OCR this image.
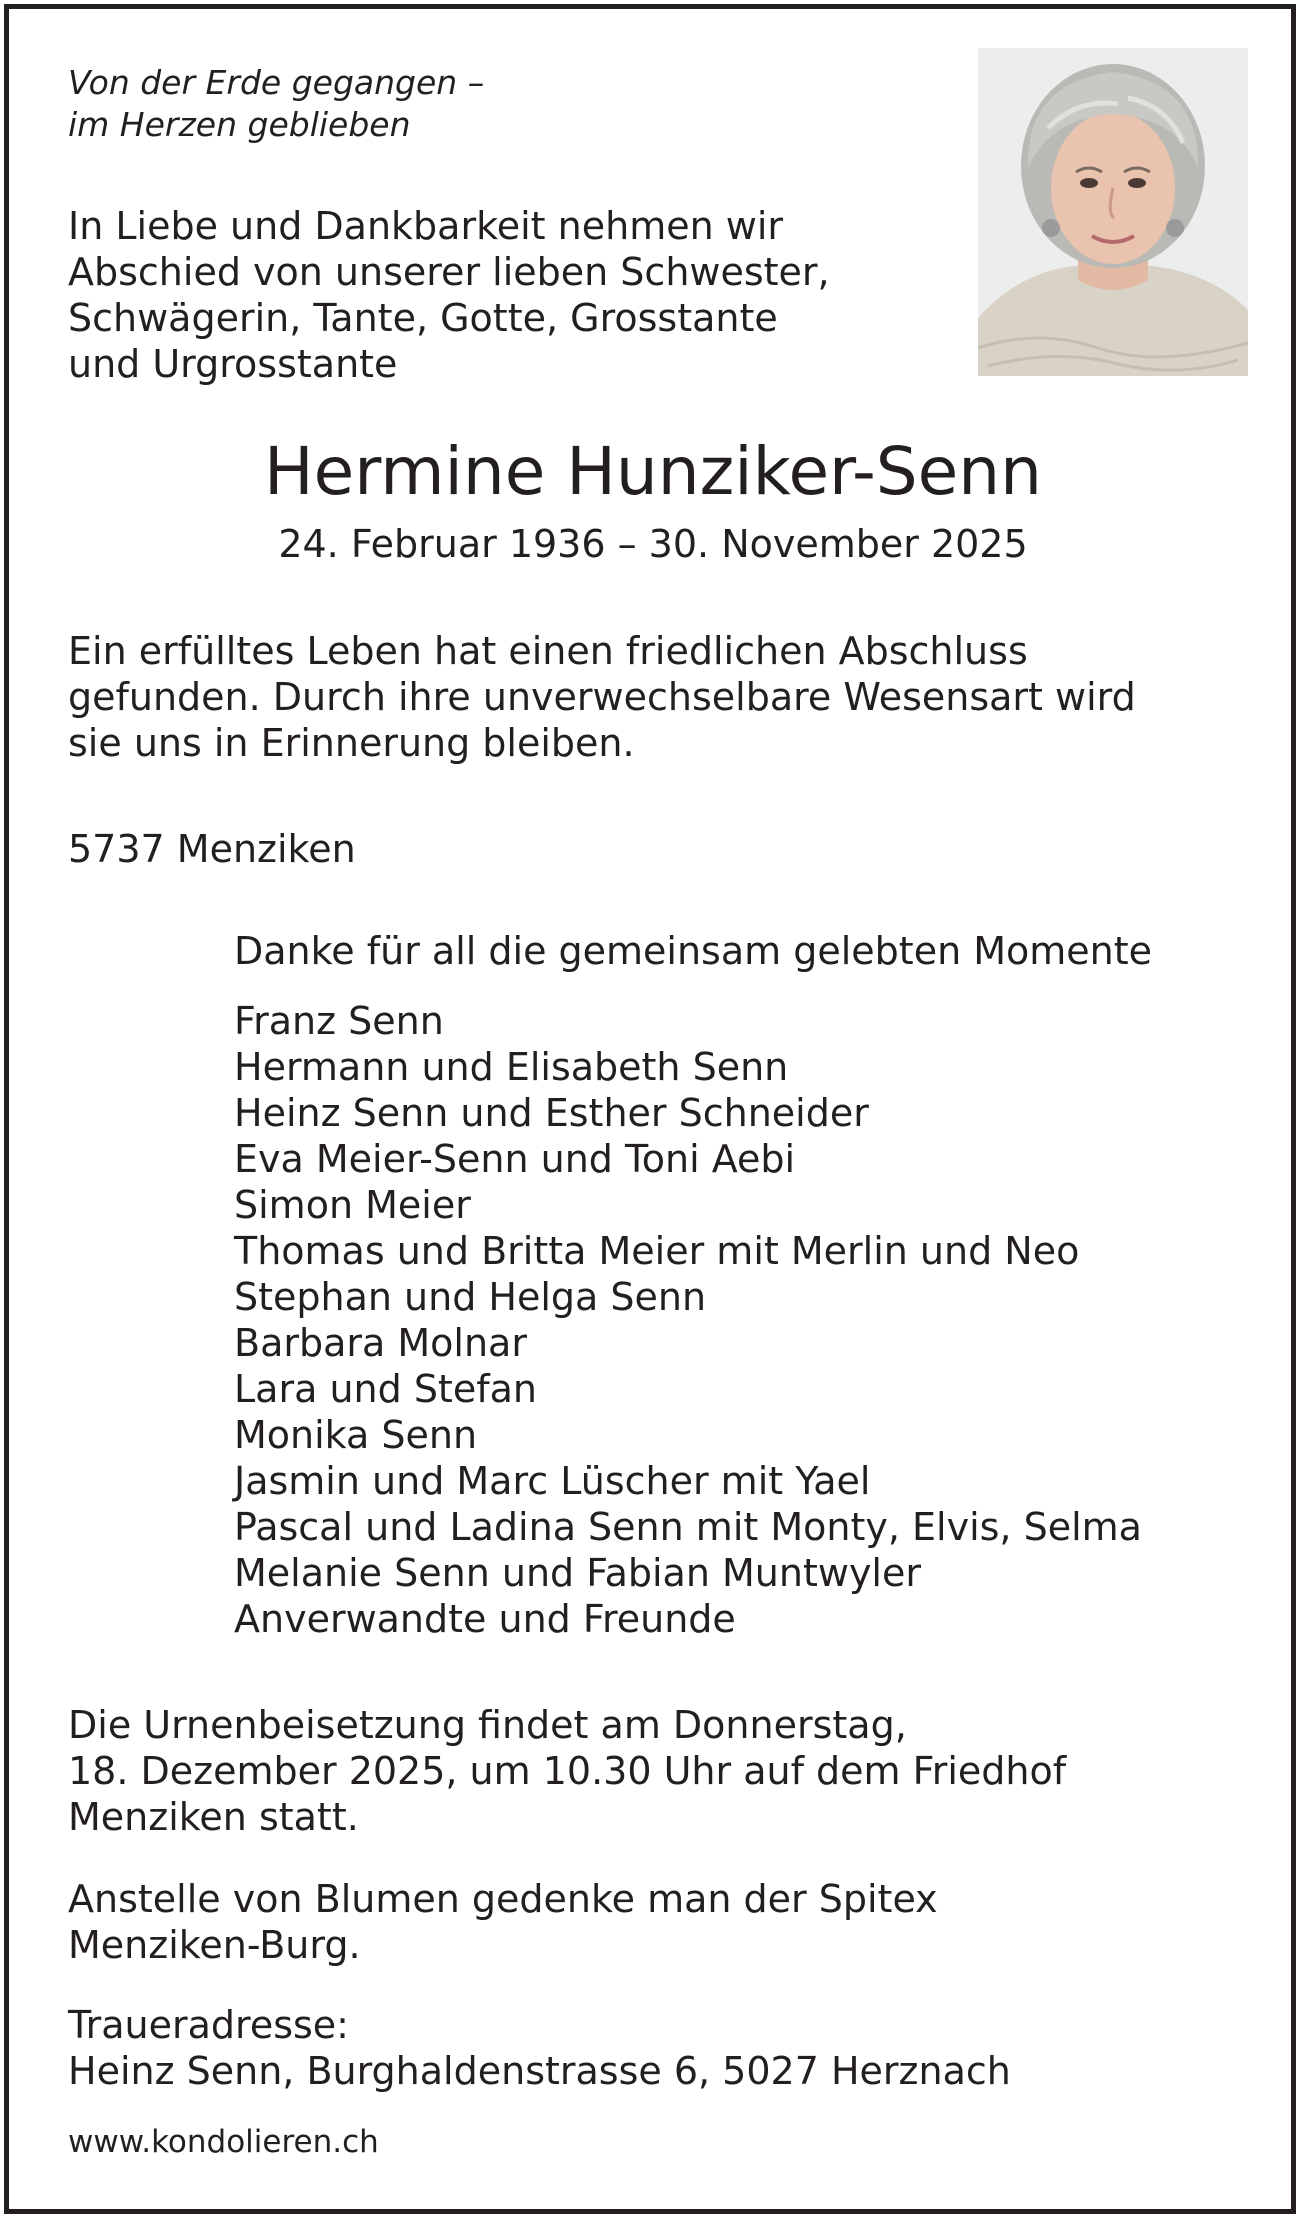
Von der Erde gegangen –
im Herzen geblieben
In Liebe und Dankbarkeit nehmen wir
Abschied von unserer lieben Schwester,
Schwägerin, Tante, Gotte, Grosstante
und Urgrosstante
Hermine Hunziker-Senn
24. Februar 1936 – 30. November 2025
Ein erfülltes Leben hat einen friedlichen Abschluss
gefunden. Durch ihre unverwechselbare Wesensart wird
sie uns in Erinnerung bleiben.
5737 Menziken
Danke für all die gemeinsam gelebten Momente
Franz Senn
Hermann und Elisabeth Senn
Heinz Senn und Esther Schneider
Eva Meier-Senn und Toni Aebi
Simon Meier
Thomas und Britta Meier mit Merlin und Neo
Stephan und Helga Senn
Barbara Molnar
Lara und Stefan
Monika Senn
Jasmin und Marc Lüscher mit Yael
Pascal und Ladina Senn mit Monty, Elvis, Selma
Melanie Senn und Fabian Muntwyler
Anverwandte und Freunde
Die Urnenbeisetzung findet am Donnerstag,
18. Dezember 2025, um 10.30 Uhr auf dem Friedhof
Menziken statt.
Anstelle von Blumen gedenke man der Spitex
Menziken-Burg.
Traueradresse:
Heinz Senn, Burghaldenstrasse 6, 5027 Herznach
www.kondolieren.ch
